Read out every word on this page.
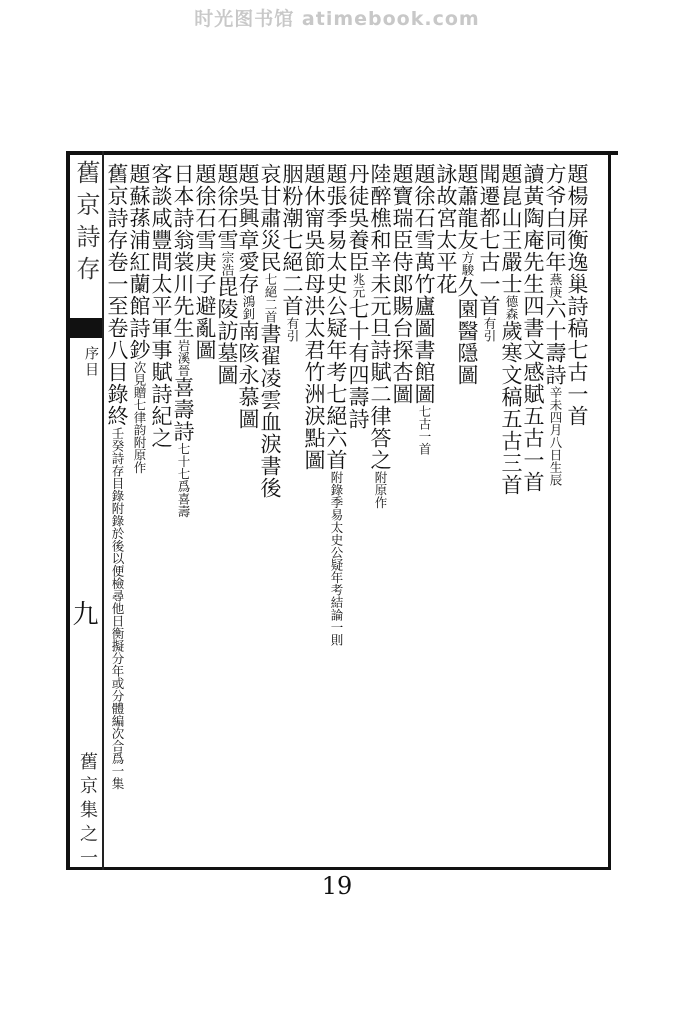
时光图书馆 atimebook.com
舊京詩存
序目
九
舊京集之一
題楊屏衡逸巢詩稿七古一首
方爷白同年燕庚六十壽詩辛未四月八日生辰
讀黃陶庵先生四書文感賦五古一首
題崑山王嚴士德森歲寒文稿五古三首
聞遷都七古一首有引
題蕭龍友方駿久園醫隱圖
詠故宮太平花
題徐石雪萬竹廬圖書館圖七古一首
題寶瑞臣侍郎賜台探杏圖
陸醉樵和辛未元旦詩賦二律答之附原作
丹徒吳養臣兆元七十有四壽詩
題張季易太史公疑年考七絕六首附錄季易太史公疑年考結論一則
題休甯吳節母洪太君竹洲淚點圖
胭粉潮七絕二首有引
哀甘肅災民七絕二首書翟凌雲血淚書後
題吳興章愛存鴻釗南陔永慕圖
題徐石雪宗浩毘陵訪墓圖
題徐石雪庚子避亂圖
日本詩翁裳川先生岩溪晉喜壽詩七十七爲喜壽
客談咸豐間太平軍事賦詩紀之
題蘇蓀浦紅蘭館詩鈔次見贈七律韵附原作
舊京詩存卷一至卷八目錄終壬癸詩存目錄附錄於後以便檢尋他日衡擬分年或分體編次合爲一集
19
